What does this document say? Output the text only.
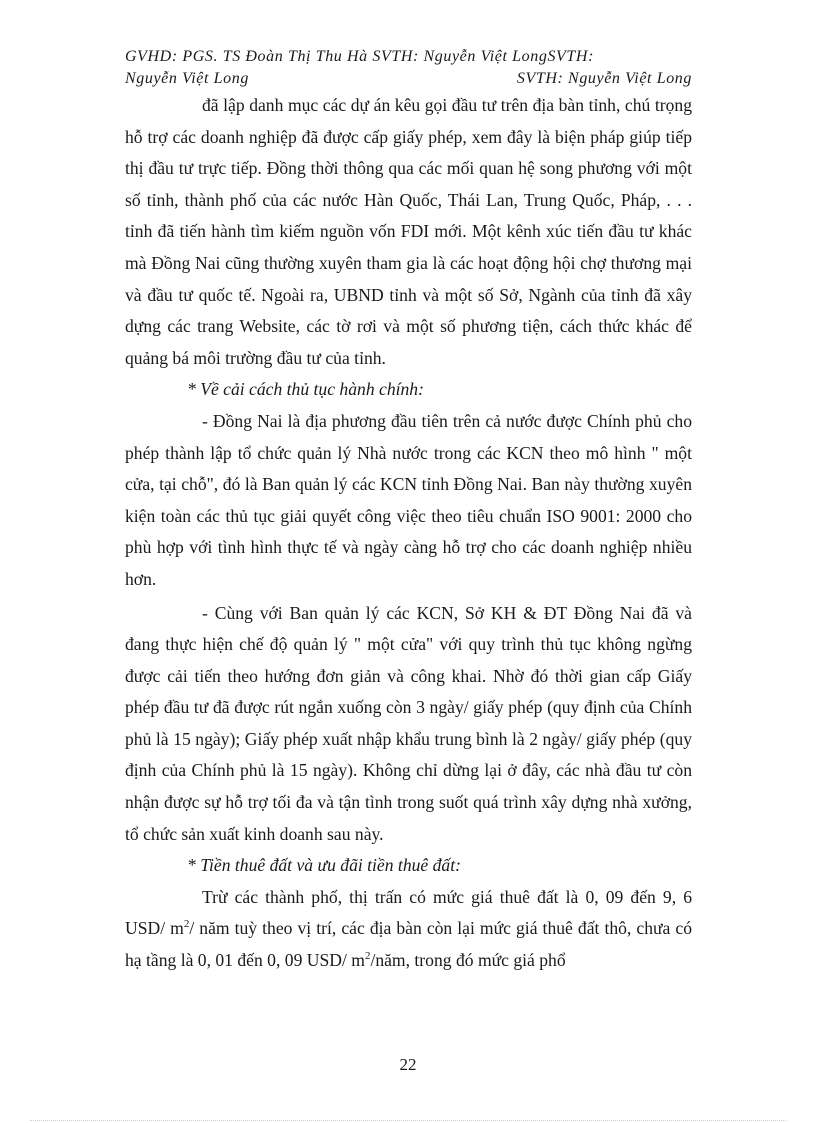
GVHD: PGS. TS Đoàn Thị Thu Hà SVTH: Nguyễn Việt LongSVTH:
Nguyễn Việt Long	SVTH: Nguyễn Việt Long

đã lập danh mục các dự án kêu gọi đầu tư trên địa bàn tỉnh, chú trọng hỗ trợ các doanh nghiệp đã được cấp giấy phép, xem đây là biện pháp giúp tiếp thị đầu tư trực tiếp. Đồng thời thông qua các mối quan hệ song phương với một số tỉnh, thành phố của các nước Hàn Quốc, Thái Lan, Trung Quốc, Pháp, . . . tỉnh đã tiến hành tìm kiếm nguồn vốn FDI mới. Một kênh xúc tiến đầu tư khác mà Đồng Nai cũng thường xuyên tham gia là các hoạt động hội chợ thương mại và đầu tư quốc tế. Ngoài ra, UBND tỉnh và một số Sở, Ngành của tỉnh đã xây dựng các trang Website, các tờ rơi và một số phương tiện, cách thức khác để quảng bá môi trường đầu tư của tỉnh.

* Về cải cách thủ tục hành chính:

- Đồng Nai là địa phương đầu tiên trên cả nước được Chính phủ cho phép thành lập tổ chức quản lý Nhà nước trong các KCN theo mô hình " một cửa, tại chỗ", đó là Ban quản lý các KCN tỉnh Đồng Nai. Ban này thường xuyên kiện toàn các thủ tục giải quyết công việc theo tiêu chuẩn ISO 9001: 2000 cho phù hợp với tình hình thực tế và ngày càng hỗ trợ cho các doanh nghiệp nhiều hơn.

- Cùng với Ban quản lý các KCN, Sở KH & ĐT Đồng Nai đã và đang thực hiện chế độ quản lý " một cửa" với quy trình thủ tục không ngừng được cải tiến theo hướng đơn giản và công khai. Nhờ đó thời gian cấp Giấy phép đầu tư đã được rút ngắn xuống còn 3 ngày/ giấy phép (quy định của Chính phủ là 15 ngày); Giấy phép xuất nhập khẩu trung bình là 2 ngày/ giấy phép (quy định của Chính phủ là 15 ngày). Không chỉ dừng lại ở đây, các nhà đầu tư còn nhận được sự hỗ trợ tối đa và tận tình trong suốt quá trình xây dựng nhà xưởng, tổ chức sản xuất kinh doanh sau này.

* Tiền thuê đất và ưu đãi tiền thuê đất:

Trừ các thành phố, thị trấn có mức giá thuê đất là 0, 09 đến 9, 6 USD/ $m^2/$ năm tuỳ theo vị trí, các địa bàn còn lại mức giá thuê đất thô, chưa có hạ tầng là 0, 01 đến 0, 09 USD/ $m^2$/năm, trong đó mức giá phổ

22
